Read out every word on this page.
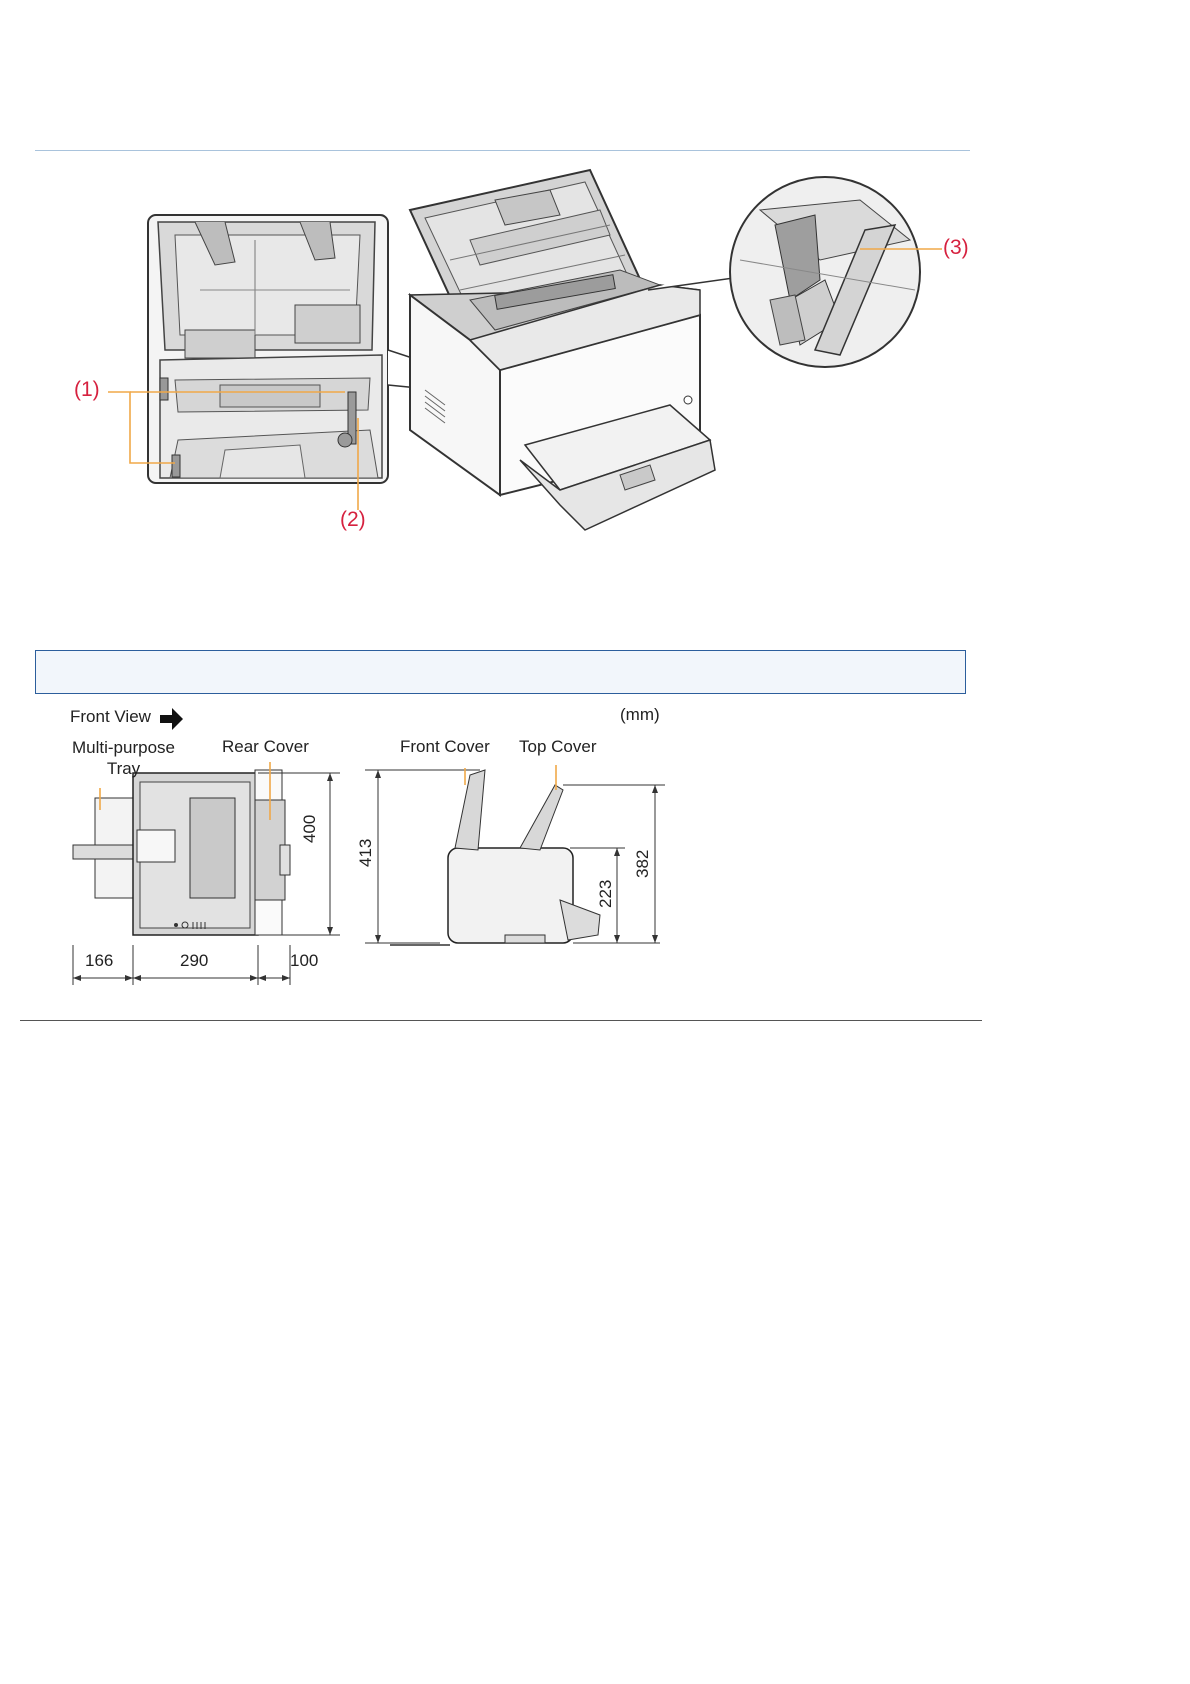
(1)
(2)
(3)
Front View	(mm)
Multi-purpose
Tray
Rear Cover	Front Cover Top Cover
166	290	100
400
413
223
382
